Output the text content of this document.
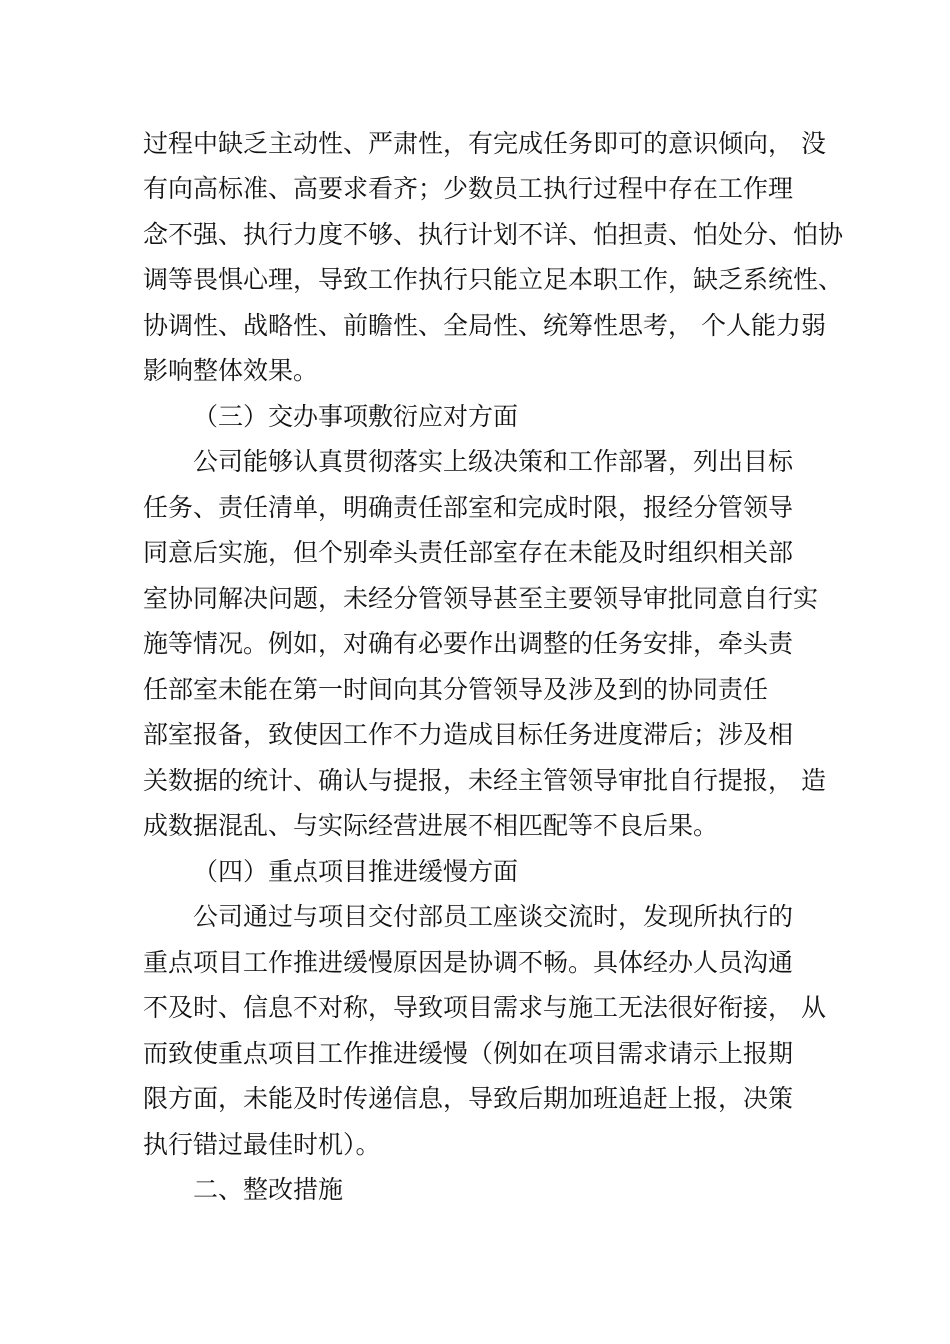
过程中缺乏主动性、严肃性，有完成任务即可的意识倾向， 没
有向高标准、高要求看齐；少数员工执行过程中存在工作理
念不强、执行力度不够、执行计划不详、怕担责、怕处分、怕协
调等畏惧心理，导致工作执行只能立足本职工作，缺乏系统性、
协调性、战略性、前瞻性、全局性、统筹性思考， 个人能力弱
影响整体效果。
（三）交办事项敷衍应对方面
公司能够认真贯彻落实上级决策和工作部署，列出目标
任务、责任清单，明确责任部室和完成时限，报经分管领导
同意后实施，但个别牵头责任部室存在未能及时组织相关部
室协同解决问题，未经分管领导甚至主要领导审批同意自行实
施等情况。例如，对确有必要作出调整的任务安排，牵头责
任部室未能在第一时间向其分管领导及涉及到的协同责任
部室报备，致使因工作不力造成目标任务进度滞后；涉及相
关数据的统计、确认与提报，未经主管领导审批自行提报， 造
成数据混乱、与实际经营进展不相匹配等不良后果。
（四）重点项目推进缓慢方面
公司通过与项目交付部员工座谈交流时，发现所执行的
重点项目工作推进缓慢原因是协调不畅。具体经办人员沟通
不及时、信息不对称，导致项目需求与施工无法很好衔接， 从
而致使重点项目工作推进缓慢（例如在项目需求请示上报期
限方面，未能及时传递信息，导致后期加班追赶上报，决策
执行错过最佳时机）。
二、整改措施
